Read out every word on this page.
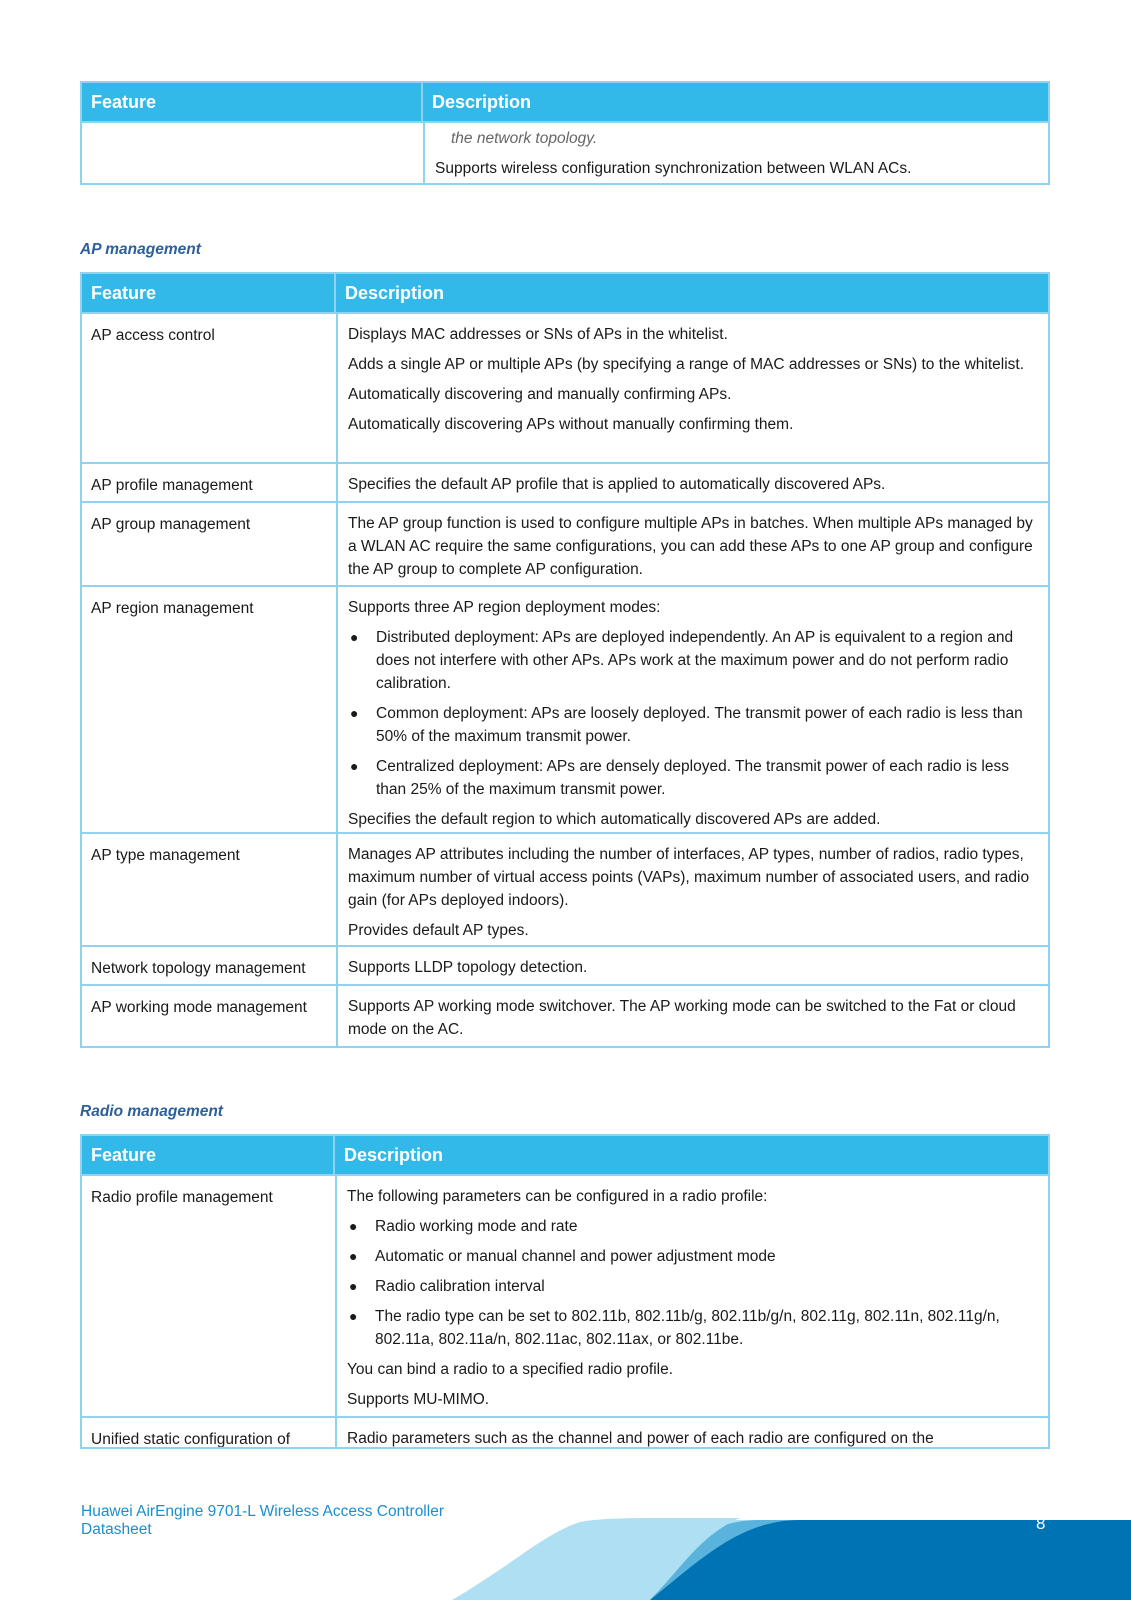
Feature	Description
the network topology.
Supports wireless configuration synchronization between WLAN ACs.
AP management
Feature	Description
AP access control	Displays MAC addresses or SNs of APs in the whitelist.
Adds a single AP or multiple APs (by specifying a range of MAC addresses or SNs) to the whitelist.
Automatically discovering and manually confirming APs.
Automatically discovering APs without manually confirming them.
AP profile management	Specifies the default AP profile that is applied to automatically discovered APs.
AP group management	The AP group function is used to configure multiple APs in batches. When multiple APs managed by a WLAN AC require the same configurations, you can add these APs to one AP group and configure the AP group to complete AP configuration.
AP region management	Supports three AP region deployment modes:
●	Distributed deployment: APs are deployed independently. An AP is equivalent to a region and does not interfere with other APs. APs work at the maximum power and do not perform radio calibration.
●	Common deployment: APs are loosely deployed. The transmit power of each radio is less than 50% of the maximum transmit power.
●	Centralized deployment: APs are densely deployed. The transmit power of each radio is less than 25% of the maximum transmit power.
Specifies the default region to which automatically discovered APs are added.
AP type management	Manages AP attributes including the number of interfaces, AP types, number of radios, radio types, maximum number of virtual access points (VAPs), maximum number of associated users, and radio gain (for APs deployed indoors).
Provides default AP types.
Network topology management	Supports LLDP topology detection.
AP working mode management	Supports AP working mode switchover. The AP working mode can be switched to the Fat or cloud mode on the AC.
Radio management
Feature	Description
Radio profile management	The following parameters can be configured in a radio profile:
●	Radio working mode and rate
●	Automatic or manual channel and power adjustment mode
●	Radio calibration interval
●	The radio type can be set to 802.11b, 802.11b/g, 802.11b/g/n, 802.11g, 802.11n, 802.11g/n, 802.11a, 802.11a/n, 802.11ac, 802.11ax, or 802.11be.
You can bind a radio to a specified radio profile.
Supports MU-MIMO.
Unified static configuration of	Radio parameters such as the channel and power of each radio are configured on the
Huawei AirEngine 9701-L Wireless Access Controller
Datasheet	8
